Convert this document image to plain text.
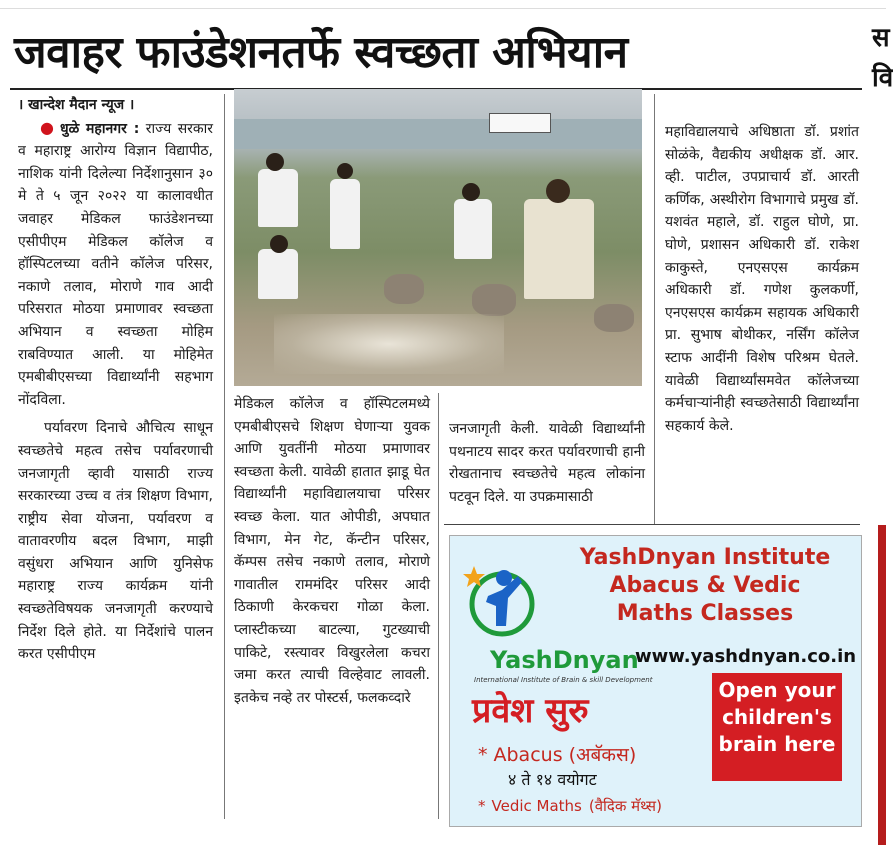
जवाहर फाउंडेशनतर्फे स्वच्छता अभियान

। खान्देश मैदान न्यूज ।

● धुळे महानगर : राज्य सरकार व महाराष्ट्र आरोग्य विज्ञान विद्यापीठ, नाशिक यांनी दिलेल्या निर्देशानुसान ३० मे ते ५ जून २०२२ या कालावधीत जवाहर मेडिकल फाउंडेशनच्या एसीपीएम मेडिकल कॉलेज व हॉस्पिटलच्या वतीने कॉलेज परिसर, नकाणे तलाव, मोराणे गाव आदी परिसरात मोठया प्रमाणावर स्वच्छता अभियान व स्वच्छता मोहिम राबविण्यात आली. या मोहिमेत एमबीबीएसच्या विद्यार्थ्यांनी सहभाग नोंदविला.

पर्यावरण दिनाचे औचित्य साधून स्वच्छतेचे महत्व तसेच पर्यावरणाची जनजागृती व्हावी यासाठी राज्य सरकारच्या उच्च व तंत्र शिक्षण विभाग, राष्ट्रीय सेवा योजना, पर्यावरण व वातावरणीय बदल विभाग, माझी वसुंधरा अभियान आणि युनिसेफ महाराष्ट्र राज्य कार्यक्रम यांनी स्वच्छतेविषयक जनजागृती करण्याचे निर्देश दिले होते. या निर्देशांचे पालन करत एसीपीएम

मेडिकल कॉलेज व हॉस्पिटलमध्ये एमबीबीएसचे शिक्षण घेणाऱ्या युवक आणि युवतींनी मोठया प्रमाणावर स्वच्छता केली. यावेळी हातात झाडू घेत विद्यार्थ्यांनी महाविद्यालयाचा परिसर स्वच्छ केला. यात ओपीडी, अपघात विभाग, मेन गेट, कॅन्टीन परिसर, कॅम्पस तसेच नकाणे तलाव, मोराणे गावातील राममंदिर परिसर आदी ठिकाणी केरकचरा गोळा केला. प्लास्टीकच्या बाटल्या, गुटख्याची पाकिटे, रस्त्यावर विखुरलेला कचरा जमा करत त्याची विल्हेवाट लावली. इतकेच नव्हे तर पोस्टर्स, फलकव्दारे

जनजागृती केली. यावेळी विद्यार्थ्यांनी पथनाटय सादर करत पर्यावरणाची हानी रोखतानाच स्वच्छतेचे महत्व लोकांना पटवून दिले. या उपक्रमासाठी

महाविद्यालयाचे अधिष्ठाता डॉ. प्रशांत सोळंके, वैद्यकीय अधीक्षक डॉ. आर. व्ही. पाटील, उपप्राचार्य डॉ. आरती कर्णिक, अस्थीरोग विभागाचे प्रमुख डॉ. यशवंत महाले, डॉ. राहुल घोणे, प्रा. घोणे, प्रशासन अधिकारी डॉ. राकेश काकुस्ते, एनएसएस कार्यक्रम अधिकारी डॉ. गणेश कुलकर्णी, एनएसएस कार्यक्रम सहायक अधिकारी प्रा. सुभाष बोथीकर, नर्सिंग कॉलेज स्टाफ आदींनी विशेष परिश्रम घेतले. यावेळी विद्यार्थ्यांसमवेत कॉलेजच्या कर्मचाऱ्यांनीही स्वच्छतेसाठी विद्यार्थ्यांना सहकार्य केले.

YashDnyan Institute
Abacus & Vedic
Maths Classes
YashDnyan
International Institute of Brain & skill Development
www.yashdnyan.co.in
Open your children's brain here
प्रवेश सुरु
* Abacus (अबॅकस)
४ ते १४ वयोगट
* Vedic Maths (वैदिक मॅथ्स)
स वि
